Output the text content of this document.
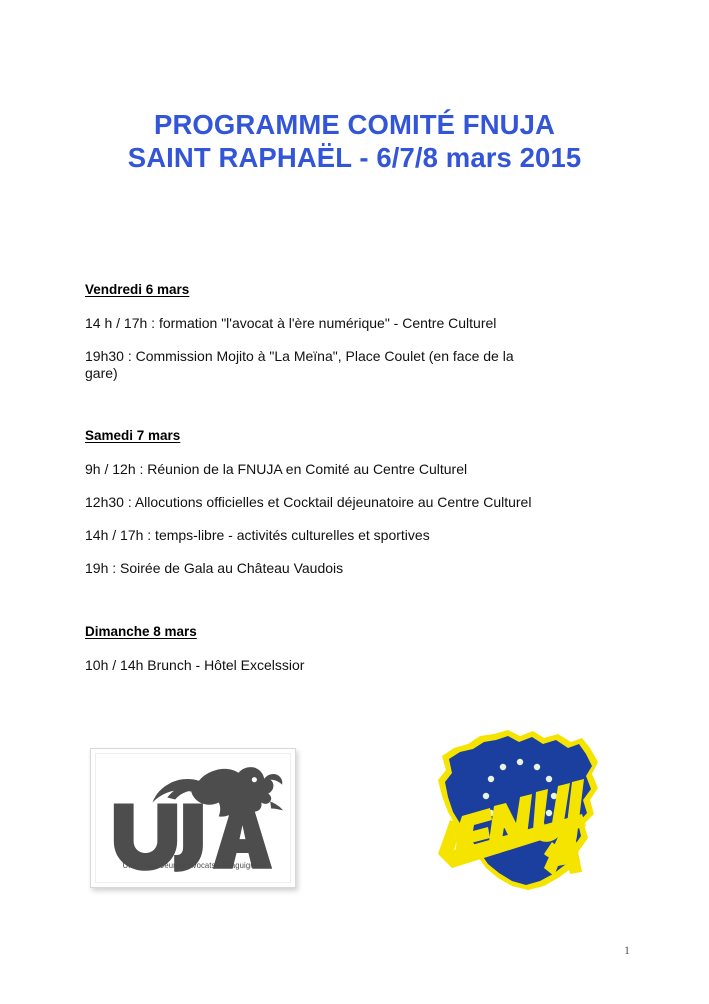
PROGRAMME COMITÉ FNUJA
SAINT RAPHAËL - 6/7/8 mars 2015
Vendredi 6 mars
14 h / 17h : formation "l'avocat à l'ère numérique" - Centre Culturel
19h30 : Commission Mojito à "La Meïna", Place Coulet (en face de la
gare)
Samedi 7 mars
9h / 12h : Réunion de la FNUJA en Comité au Centre Culturel
12h30 : Allocutions officielles et Cocktail déjeunatoire au Centre Culturel
14h / 17h : temps-libre - activités culturelles et sportives
19h : Soirée de Gala au Château Vaudois
Dimanche 8 mars
10h / 14h Brunch - Hôtel Excelssior
Union des Jeunes Avocats - Draguignan
1
